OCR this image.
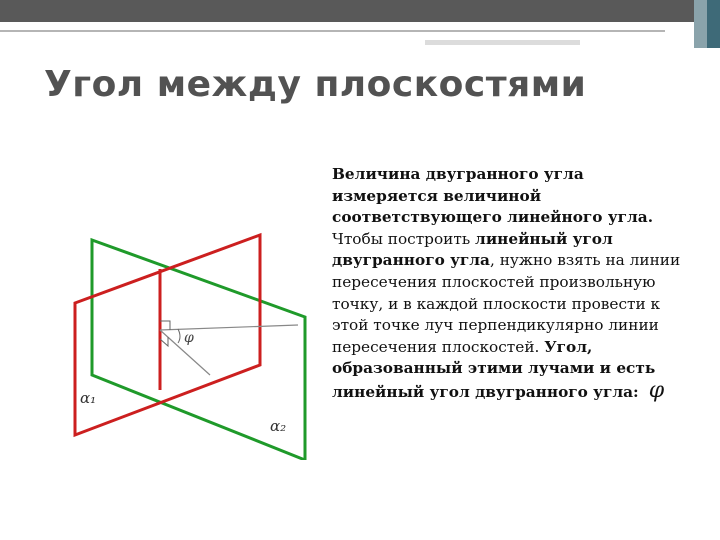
Угол между плоскостями
φ
α₁
α₂
Величина двугранного угла измеряется величиной соответствующего линейного угла. Чтобы построить линейный угол двугранного угла, нужно взять на линии пересечения плоскостей произвольную точку, и в каждой плоскости провести к этой точке луч перпендикулярно линии пересечения плоскостей. Угол, образованный этими лучами и есть линейный угол двугранного угла: φ
